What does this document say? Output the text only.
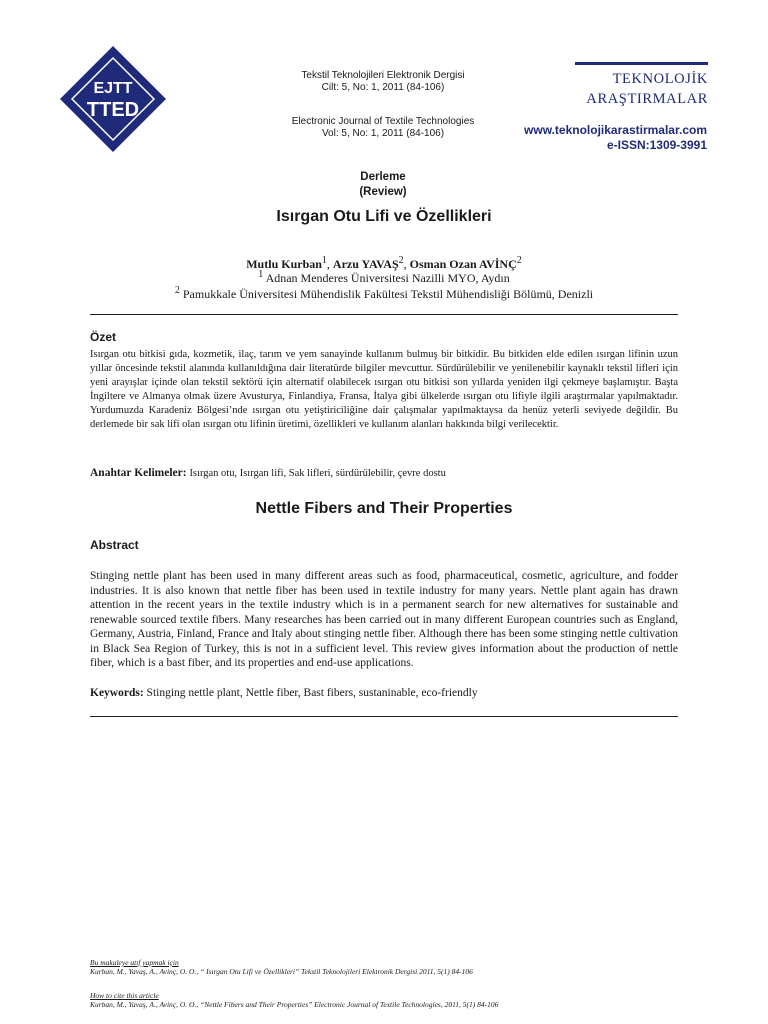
EJTT
TTED
Tekstil Teknolojileri Elektronik Dergisi
Cilt: 5, No: 1, 2011 (84-106)
Electronic Journal of Textile Technologies
Vol: 5, No: 1, 2011 (84-106)
TEKNOLOJİK
ARAŞTIRMALAR
www.teknolojikarastirmalar.com
e-ISSN:1309-3991
Derleme
(Review)
Isırgan Otu Lifi ve Özellikleri
Mutlu Kurban$^1$, Arzu YAVAŞ$^2$, Osman Ozan AVİNÇ$^2$
$^1$ Adnan Menderes Üniversitesi Nazilli MYO, Aydın
$^2$ Pamukkale Üniversitesi Mühendislik Fakültesi Tekstil Mühendisliği Bölümü, Denizli
Özet
Isırgan otu bitkisi gıda, kozmetik, ilaç, tarım ve yem sanayinde kullanım bulmuş bir bitkidir. Bu bitkiden elde edilen ısırgan lifinin uzun yıllar öncesinde tekstil alanında kullanıldığına dair literatürde bilgiler mevcuttur. Sürdürülebilir ve yenilenebilir kaynaklı tekstil lifleri için yeni arayışlar içinde olan tekstil sektörü için alternatif olabilecek ısırgan otu bitkisi son yıllarda yeniden ilgi çekmeye başlamıştır. Başta İngiltere ve Almanya olmak üzere Avusturya, Finlandiya, Fransa, İtalya gibi ülkelerde ısırgan otu lifiyle ilgili araştırmalar yapılmaktadır. Yurdumuzda Karadeniz Bölgesi’nde ısırgan otu yetiştiriciliğine dair çalışmalar yapılmaktaysa da henüz yeterli seviyede değildir. Bu derlemede bir sak lifi olan ısırgan otu lifinin üretimi, özellikleri ve kullanım alanları hakkında bilgi verilecektir.
Anahtar Kelimeler: Isırgan otu, Isırgan lifi, Sak lifleri, sürdürülebilir, çevre dostu
Nettle Fibers and Their Properties
Abstract
Stinging nettle plant has been used in many different areas such as food, pharmaceutical, cosmetic, agriculture, and fodder industries. It is also known that nettle fiber has been used in textile industry for many years. Nettle plant again has drawn attention in the recent years in the textile industry which is in a permanent search for new alternatives for sustainable and renewable sourced textile fibers. Many researches has been carried out in many different European countries such as England, Germany, Austria, Finland, France and Italy about stinging nettle fiber. Although there has been some stinging nettle cultivation in Black Sea Region of Turkey, this is not in a sufficient level. This review gives information about the production of nettle fiber, which is a bast fiber, and its properties and end-use applications.
Keywords: Stinging nettle plant, Nettle fiber, Bast fibers, sustaninable, eco-friendly
Bu makaleye atıf yapmak için
Kurban, M., Yavaş, A., Avinç, O. O., “ Isırgan Otu Lifi ve Özellikleri” Tekstil Teknolojileri Elektronik Dergisi 2011, 5(1) 84-106
How to cite this article
Kurban, M., Yavaş, A., Avinç, O. O., “Nettle Fibers and Their Properties” Electronic Journal of Textile Technologies, 2011, 5(1) 84-106
